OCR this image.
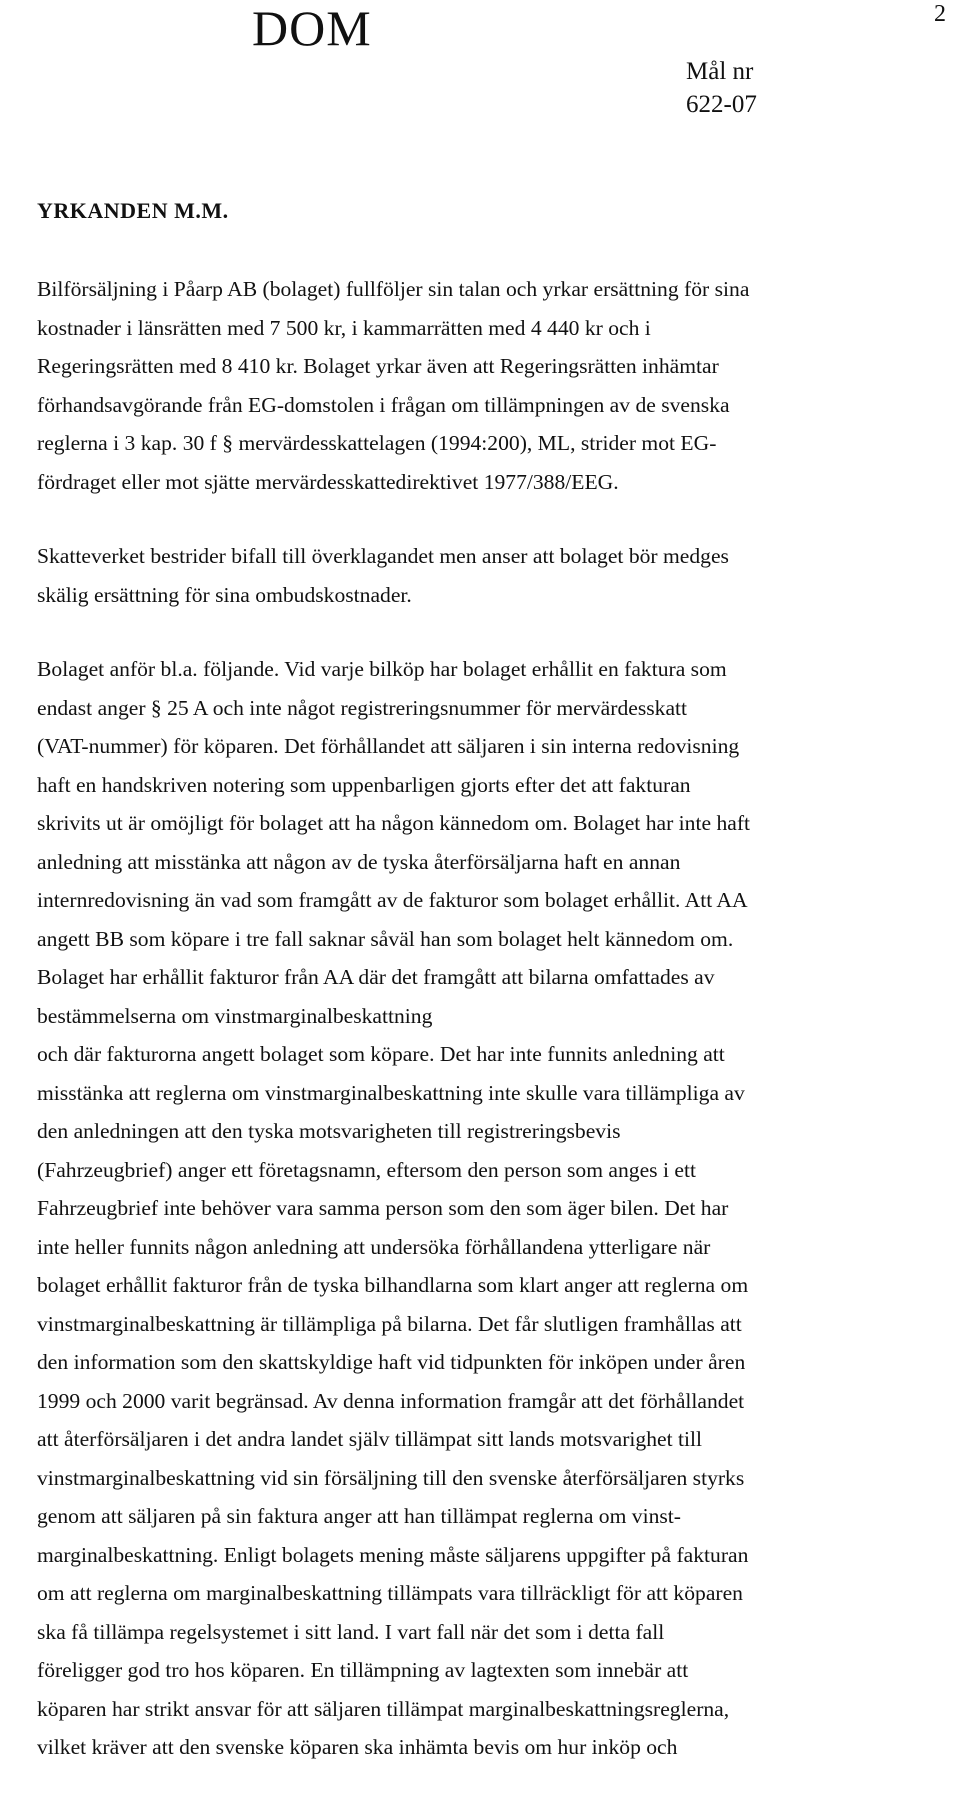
DOM	2
Mål nr
622-07
YRKANDEN M.M.

Bilförsäljning i Påarp AB (bolaget) fullföljer sin talan och yrkar ersättning för sina
kostnader i länsrätten med 7 500 kr, i kammarrätten med 4 440 kr och i
Regeringsrätten med 8 410 kr. Bolaget yrkar även att Regeringsrätten inhämtar
förhandsavgörande från EG-domstolen i frågan om tillämpningen av de svenska
reglerna i 3 kap. 30 f § mervärdesskattelagen (1994:200), ML, strider mot EG-
fördraget eller mot sjätte mervärdesskattedirektivet 1977/388/EEG.

Skatteverket bestrider bifall till överklagandet men anser att bolaget bör medges
skälig ersättning för sina ombudskostnader.

Bolaget anför bl.a. följande. Vid varje bilköp har bolaget erhållit en faktura som
endast anger § 25 A och inte något registreringsnummer för mervärdesskatt
(VAT-nummer) för köparen. Det förhållandet att säljaren i sin interna redovisning
haft en handskriven notering som uppenbarligen gjorts efter det att fakturan
skrivits ut är omöjligt för bolaget att ha någon kännedom om. Bolaget har inte haft
anledning att misstänka att någon av de tyska återförsäljarna haft en annan
internredovisning än vad som framgått av de fakturor som bolaget erhållit. Att AA
angett BB som köpare i tre fall saknar såväl han som bolaget helt kännedom om.
Bolaget har erhållit fakturor från AA där det framgått att bilarna omfattades av
bestämmelserna om vinstmarginalbeskattning
och där fakturorna angett bolaget som köpare. Det har inte funnits anledning att
misstänka att reglerna om vinstmarginalbeskattning inte skulle vara tillämpliga av
den anledningen att den tyska motsvarigheten till registreringsbevis
(Fahrzeugbrief) anger ett företagsnamn, eftersom den person som anges i ett
Fahrzeugbrief inte behöver vara samma person som den som äger bilen. Det har
inte heller funnits någon anledning att undersöka förhållandena ytterligare när
bolaget erhållit fakturor från de tyska bilhandlarna som klart anger att reglerna om
vinstmarginalbeskattning är tillämpliga på bilarna. Det får slutligen framhållas att
den information som den skattskyldige haft vid tidpunkten för inköpen under åren
1999 och 2000 varit begränsad. Av denna information framgår att det förhållandet
att återförsäljaren i det andra landet själv tillämpat sitt lands motsvarighet till
vinstmarginalbeskattning vid sin försäljning till den svenske återförsäljaren styrks
genom att säljaren på sin faktura anger att han tillämpat reglerna om vinst-
marginalbeskattning. Enligt bolagets mening måste säljarens uppgifter på fakturan
om att reglerna om marginalbeskattning tillämpats vara tillräckligt för att köparen
ska få tillämpa regelsystemet i sitt land. I vart fall när det som i detta fall
föreligger god tro hos köparen. En tillämpning av lagtexten som innebär att
köparen har strikt ansvar för att säljaren tillämpat marginalbeskattningsreglerna,
vilket kräver att den svenske köparen ska inhämta bevis om hur inköp och
